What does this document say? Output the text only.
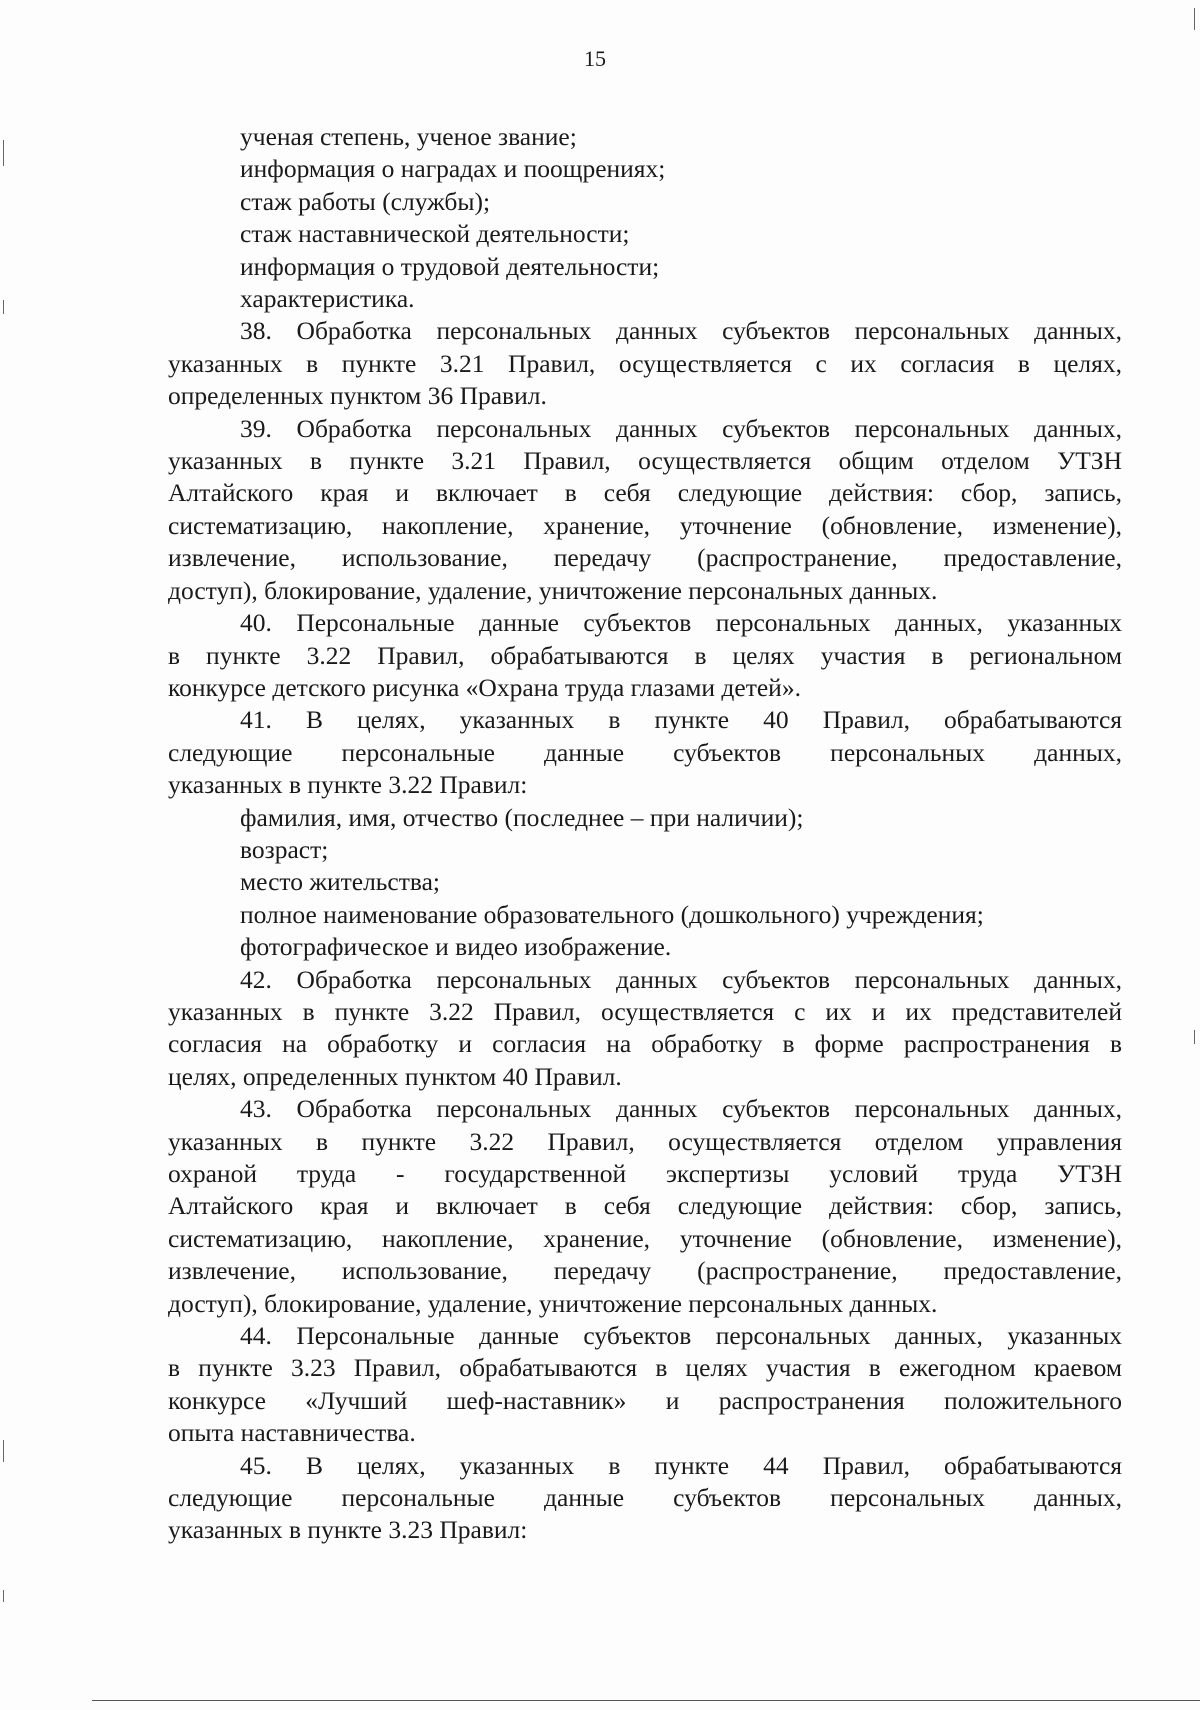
15
ученая степень, ученое звание;
информация о наградах и поощрениях;
стаж работы (службы);
стаж наставнической деятельности;
информация о трудовой деятельности;
характеристика.
38. Обработка персональных данных субъектов персональных данных,
указанных в пункте 3.21 Правил, осуществляется с их согласия в целях,
определенных пунктом 36 Правил.
39. Обработка персональных данных субъектов персональных данных,
указанных в пункте 3.21 Правил, осуществляется общим отделом УТЗН
Алтайского края и включает в себя следующие действия: сбор, запись,
систематизацию, накопление, хранение, уточнение (обновление, изменение),
извлечение, использование, передачу (распространение, предоставление,
доступ), блокирование, удаление, уничтожение персональных данных.
40. Персональные данные субъектов персональных данных, указанных
в пункте 3.22 Правил, обрабатываются в целях участия в региональном
конкурсе детского рисунка «Охрана труда глазами детей».
41. В целях, указанных в пункте 40 Правил, обрабатываются
следующие персональные данные субъектов персональных данных,
указанных в пункте 3.22 Правил:
фамилия, имя, отчество (последнее – при наличии);
возраст;
место жительства;
полное наименование образовательного (дошкольного) учреждения;
фотографическое и видео изображение.
42. Обработка персональных данных субъектов персональных данных,
указанных в пункте 3.22 Правил, осуществляется с их и их представителей
согласия на обработку и согласия на обработку в форме распространения в
целях, определенных пунктом 40 Правил.
43. Обработка персональных данных субъектов персональных данных,
указанных в пункте 3.22 Правил, осуществляется отделом управления
охраной труда - государственной экспертизы условий труда УТЗН
Алтайского края и включает в себя следующие действия: сбор, запись,
систематизацию, накопление, хранение, уточнение (обновление, изменение),
извлечение, использование, передачу (распространение, предоставление,
доступ), блокирование, удаление, уничтожение персональных данных.
44. Персональные данные субъектов персональных данных, указанных
в пункте 3.23 Правил, обрабатываются в целях участия в ежегодном краевом
конкурсе «Лучший шеф-наставник» и распространения положительного
опыта наставничества.
45. В целях, указанных в пункте 44 Правил, обрабатываются
следующие персональные данные субъектов персональных данных,
указанных в пункте 3.23 Правил:
